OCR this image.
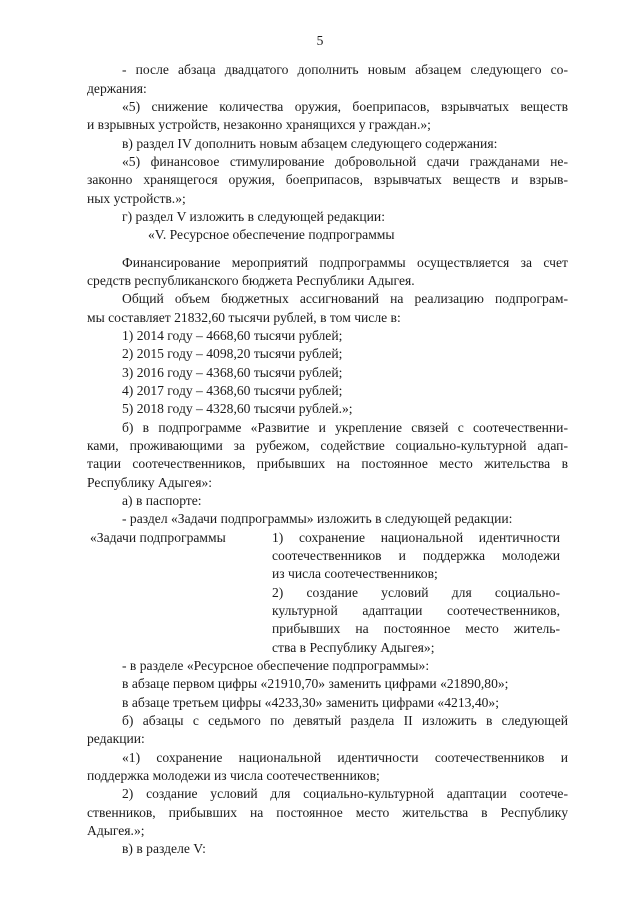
5
- после абзаца двадцатого дополнить новым абзацем следующего со-
держания:
«5) снижение количества оружия, боеприпасов, взрывчатых веществ
и взрывных устройств, незаконно хранящихся у граждан.»;
в) раздел IV дополнить новым абзацем следующего содержания:
«5) финансовое стимулирование добровольной сдачи гражданами не-
законно хранящегося оружия, боеприпасов, взрывчатых веществ и взрыв-
ных устройств.»;
г) раздел V изложить в следующей редакции:
«V. Ресурсное обеспечение подпрограммы
Финансирование мероприятий подпрограммы осуществляется за счет
средств республиканского бюджета Республики Адыгея.
Общий объем бюджетных ассигнований на реализацию подпрограм-
мы составляет 21832,60 тысячи рублей, в том числе в:
1) 2014 году – 4668,60 тысячи рублей;
2) 2015 году – 4098,20 тысячи рублей;
3) 2016 году – 4368,60 тысячи рублей;
4) 2017 году – 4368,60 тысячи рублей;
5) 2018 году – 4328,60 тысячи рублей.»;
б) в подпрограмме «Развитие и укрепление связей с соотечественни-
ками, проживающими за рубежом, содействие социально-культурной адап-
тации соотечественников, прибывших на постоянное место жительства в
Республику Адыгея»:
а) в паспорте:
- раздел «Задачи подпрограммы» изложить в следующей редакции:
«Задачи подпрограммы	1) сохранение национальной идентичности
соотечественников и поддержка молодежи
из числа соотечественников;
2) создание условий для социально-
культурной адаптации соотечественников,
прибывших на постоянное место житель-
ства в Республику Адыгея»;
- в разделе «Ресурсное обеспечение подпрограммы»:
в абзаце первом цифры «21910,70» заменить цифрами «21890,80»;
в абзаце третьем цифры «4233,30» заменить цифрами «4213,40»;
б) абзацы с седьмого по девятый раздела II изложить в следующей
редакции:
«1) сохранение национальной идентичности соотечественников и
поддержка молодежи из числа соотечественников;
2) создание условий для социально-культурной адаптации соотече-
ственников, прибывших на постоянное место жительства в Республику
Адыгея.»;
в) в разделе V:
